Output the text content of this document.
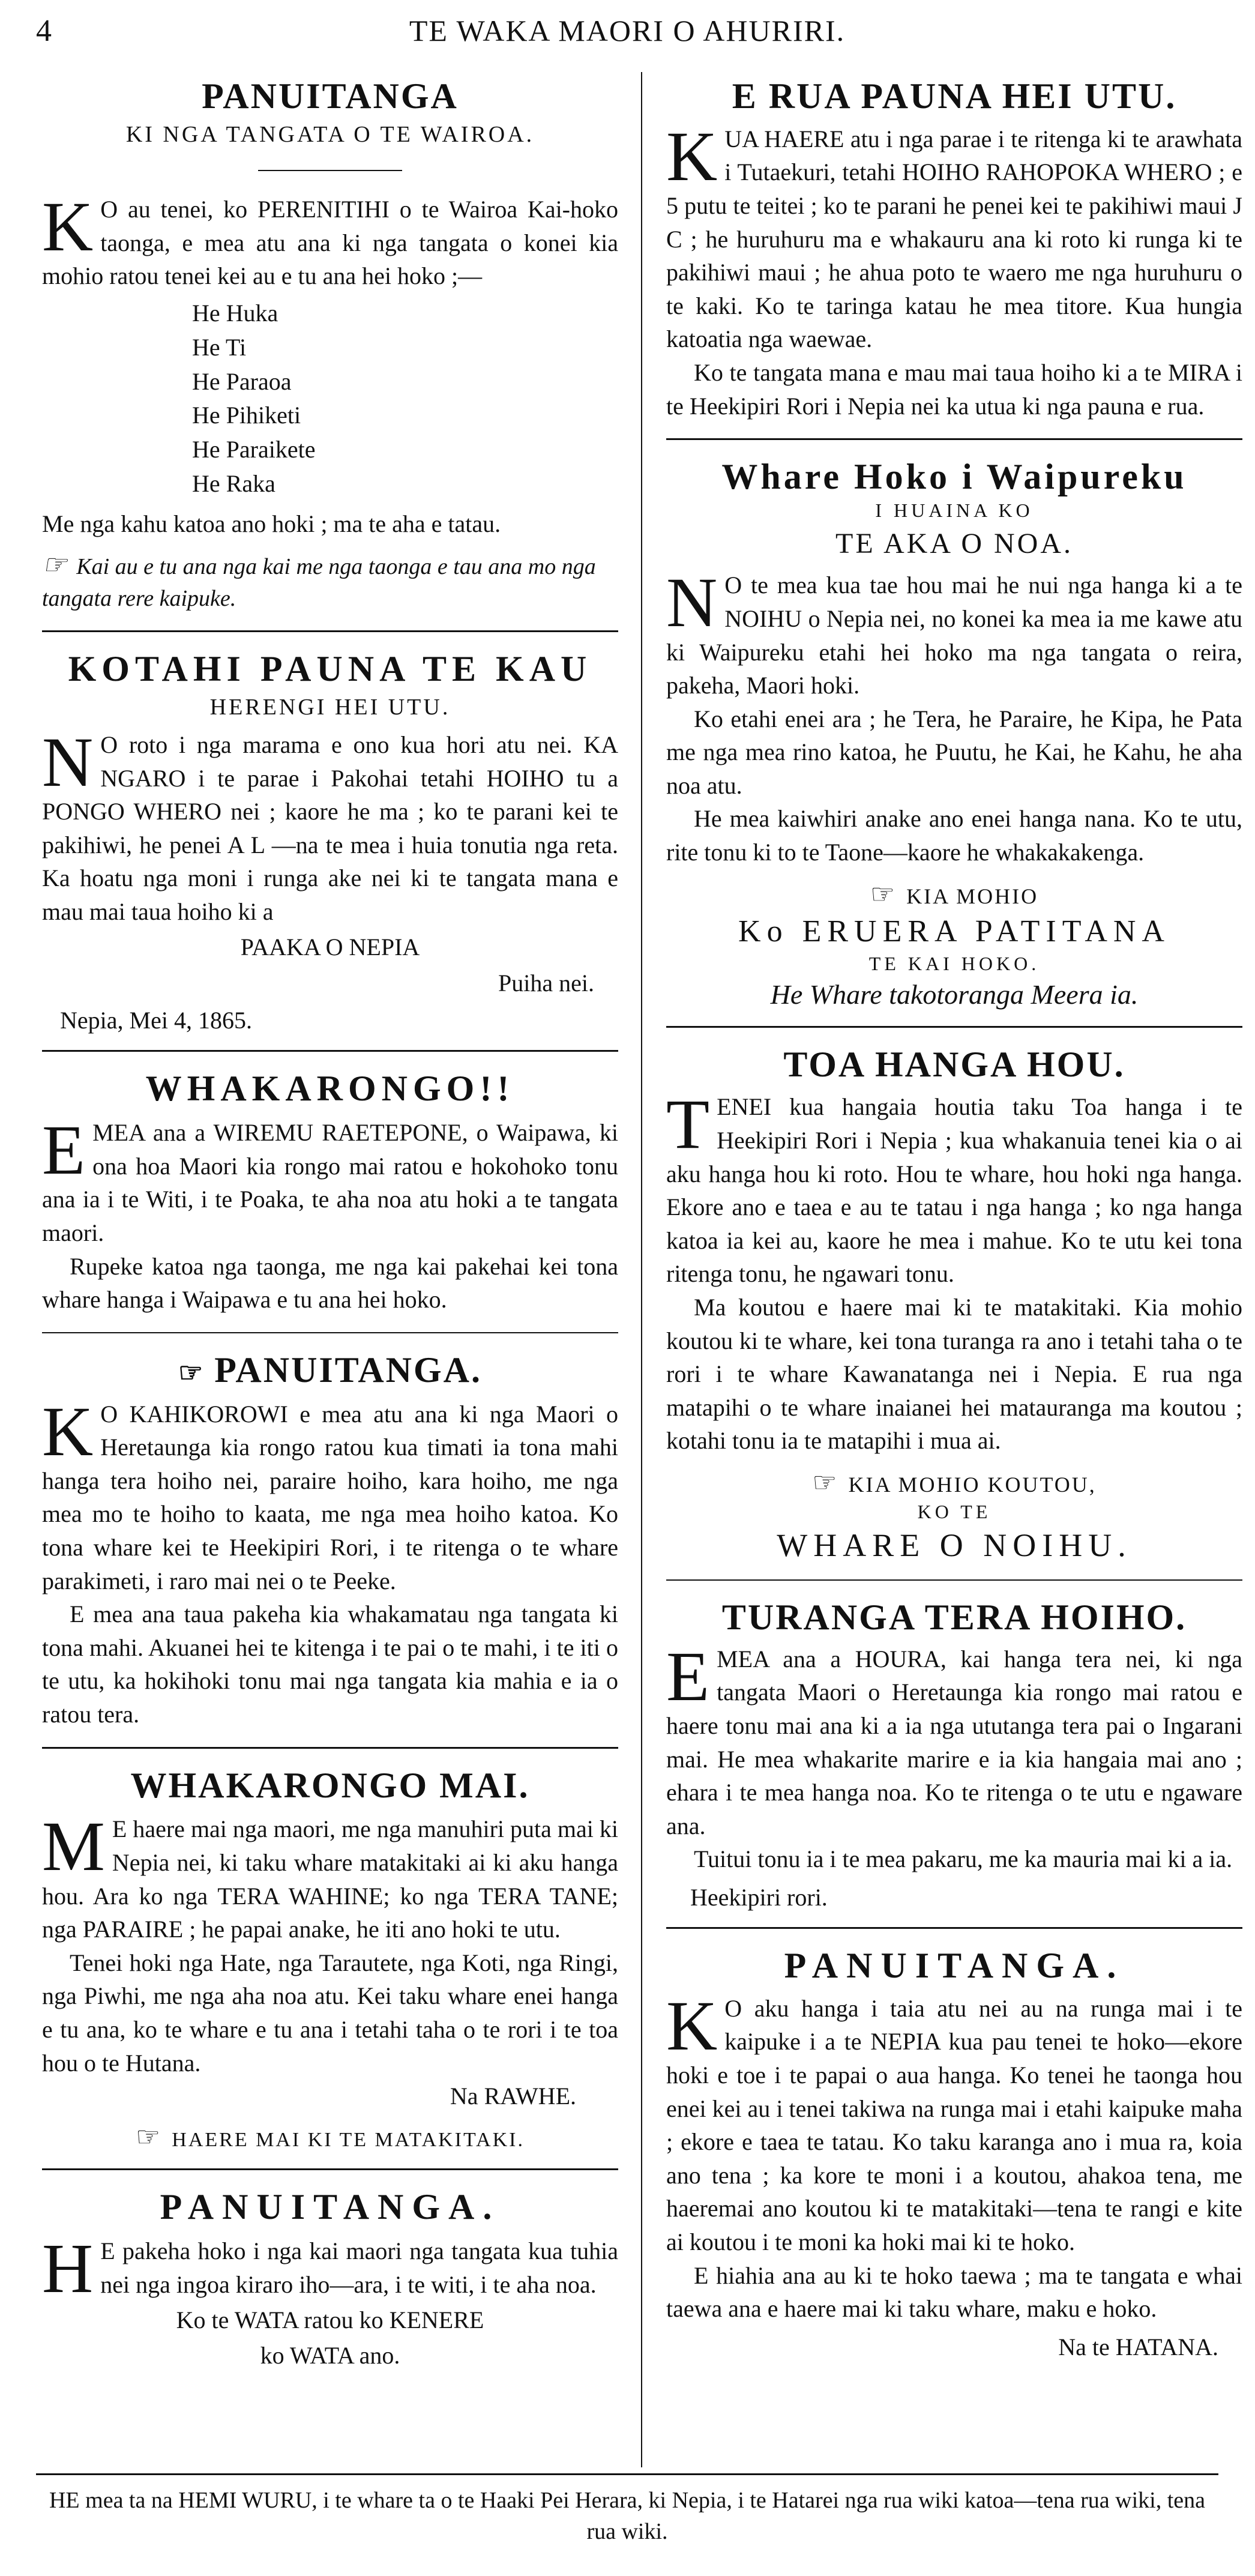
4	TE WAKA MAORI O AHURIRI.
PANUITANGA
KI NGA TANGATA O TE WAIROA.

K O au tenei, ko PERENITIHI o te Wairoa Kai-hoko taonga, e mea atu ana ki nga tangata o konei kia mohio ratou tenei kei au e tu ana hei hoko ;—

He Huka
He Ti
He Paraoa
He Pihiketi
He Paraikete
He Raka

Me nga kahu katoa ano hoki ; ma te aha e tatau.

☞ Kai au e tu ana nga kai me nga taonga e tau ana mo nga tangata rere kaipuke.
KOTAHI PAUNA TE KAU
HERENGI HEI UTU.

N O roto i nga marama e ono kua hori atu nei. KA NGARO i te parae i Pakohai tetahi HOIHO tu a PONGO WHERO nei ; kaore he ma ; ko te parani kei te pakihiwi, he penei A L —na te mea i huia tonutia nga reta. Ka hoatu nga moni i runga ake nei ki te tangata mana e mau mai taua hoiho ki a

PAAKA O NEPIA
Puiha nei.
Nepia, Mei 4, 1865.
WHAKARONGO!!

EMEA ana a WIREMU RAETEPONE, o Waipawa, ki ona hoa Maori kia rongo mai ratou e hokohoko tonu ana ia i te Witi, i te Poaka, te aha noa atu hoki a te tangata maori.

Rupeke katoa nga taonga, me nga kai pakehai kei tona whare hanga i Waipawa e tu ana hei hoko.

☞ PANUITANGA.

K O KAHIKOROWI e mea atu ana ki nga Maori o Heretaunga kia rongo ratou kua timati ia tona mahi hanga tera hoiho nei, paraire hoiho, kara hoiho, me nga mea mo te hoiho to kaata, me nga mea hoiho katoa. Ko tona whare kei te Heekipiri Rori, i te ritenga o te whare parakimeti, i raro mai nei o te Peeke.

E mea ana taua pakeha kia whakamatau nga tangata ki tona mahi. Akuanei hei te kitenga i te pai o te mahi, i te iti o te utu, ka hokihoki tonu mai nga tangata kia mahia e ia o ratou tera.

WHAKARONGO MAI.

M E haere mai nga maori, me nga manuhiri puta mai ki Nepia nei, ki taku whare matakitaki ai ki aku hanga hou. Ara ko nga TERA WAHINE; ko nga TERA TANE; nga PARAIRE ; he papai anake, he iti ano hoki te utu.

Tenei hoki nga Hate, nga Tarautete, nga Koti, nga Ringi, nga Piwhi, me nga aha noa atu. Kei taku whare enei hanga e tu ana, ko te whare e tu ana i tetahi taha o te rori i te toa hou o te Hutana.

Na RAWHE.
☞ HAERE MAI KI TE MATAKITAKI.
PANUITANGA.

H E pakeha hoko i nga kai maori nga tangata kua tuhia nei nga ingoa kiraro iho—ara, i te witi, i te aha noa.

Ko te WATA ratou ko KENERE
ko WATA ano.
E RUA PAUNA HEI UTU.

KUA HAERE atu i nga parae i te ritenga ki te arawhata i Tutaekuri, tetahi HOIHO RAHOPOKA WHERO ; e 5 putu te teitei ; ko te parani he penei kei te pakihiwi maui J C ; he huruhuru ma e whakauru ana ki roto ki runga ki te pakihiwi maui ; he ahua poto te waero me nga huruhuru o te kaki. Ko te taringa katau he mea titore. Kua hungia katoatia nga waewae.

Ko te tangata mana e mau mai taua hoiho ki a te MIRA i te Heekipiri Rori i Nepia nei ka utua ki nga pauna e rua.

Whare Hoko i Waipureku
I HUAINA KO
TE AKA O NOA.

N O te mea kua tae hou mai he nui nga hanga ki a te NOIHU o Nepia nei, no konei ka mea ia me kawe atu ki Waipureku etahi hei hoko ma nga tangata o reira, pakeha, Maori hoki.

Ko etahi enei ara ; he Tera, he Paraire, he Kipa, he Pata me nga mea rino katoa, he Puutu, he Kai, he Kahu, he aha noa atu.

He mea kaiwhiri anake ano enei hanga nana. Ko te utu, rite tonu ki to te Taone—kaore he whakakakenga.

☞ KIA MOHIO
Ko ERUERA PATITANA
TE KAI HOKO.
He Whare takotoranga Meera ia.
TOA HANGA HOU.

TENEI kua hangaia houtia taku Toa hanga i te Heekipiri Rori i Nepia ; kua whakanuia tenei kia o ai aku hanga hou ki roto. Hou te whare, hou hoki nga hanga. Ekore ano e taea e au te tatau i nga hanga ; ko nga hanga katoa ia kei au, kaore he mea i mahue. Ko te utu kei tona ritenga tonu, he ngawari tonu.

Ma koutou e haere mai ki te matakitaki. Kia mohio koutou ki te whare, kei tona turanga ra ano i tetahi taha o te rori i te whare Kawanatanga nei i Nepia. E rua nga matapihi o te whare inaianei hei matauranga ma koutou ; kotahi tonu ia te matapihi i mua ai.

☞ KIA MOHIO KOUTOU,
KO TE
WHARE O NOIHU.
TURANGA TERA HOIHO.

EMEA ana a HOURA, kai hanga tera nei, ki nga tangata Maori o Heretaunga kia rongo mai ratou e haere tonu mai ana ki a ia nga ututanga tera pai o Ingarani mai. He mea whakarite marire e ia kia hangaia mai ano ; ehara i te mea hanga noa. Ko te ritenga o te utu e ngaware ana.

Tuitui tonu ia i te mea pakaru, me ka mauria mai ki a ia.

Heekipiri rori.
PANUITANGA.

K O aku hanga i taia atu nei au na runga mai i te kaipuke i a te NEPIA kua pau tenei te hoko—ekore hoki e toe i te papai o aua hanga. Ko tenei he taonga hou enei kei au i tenei takiwa na runga mai i etahi kaipuke maha ; ekore e taea te tatau. Ko taku karanga ano i mua ra, koia ano tena ; ka kore te moni i a koutou, ahakoa tena, me haeremai ano koutou ki te matakitaki—tena te rangi e kite ai koutou i te moni ka hoki mai ki te hoko.

E hiahia ana au ki te hoko taewa ; ma te tangata e whai taewa ana e haere mai ki taku whare, maku e hoko.

Na te HATANA.
HE mea ta na HEMI WURU, i te whare ta o te Haaki Pei Herara, ki Nepia, i te Hatarei nga rua wiki katoa—tena rua wiki, tena rua wiki.
